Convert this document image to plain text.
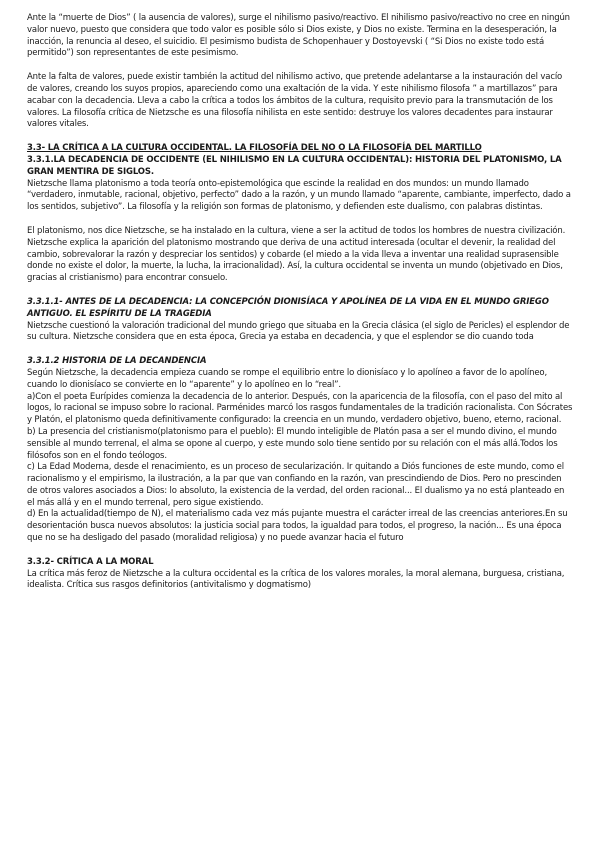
Ante la “muerte de Dios” ( la ausencia de valores), surge el nihilismo pasivo/reactivo. El nihilismo pasivo/reactivo no cree en ningún valor nuevo, puesto que considera que todo valor es posible sólo si Dios existe, y Dios no existe. Termina en la desesperación, la inacción, la renuncia al deseo, el suicidio. El pesimismo budista de Schopenhauer y Dostoyevski ( “Si Dios no existe todo está permitido”) son representantes de este pesimismo.

Ante la falta de valores, puede existir también la actitud del nihilismo activo, que pretende adelantarse a la instauración del vacío de valores, creando los suyos propios, apareciendo como una exaltación de la vida. Y este nihilismo filosofa ” a martillazos” para acabar con la decadencia. Lleva a cabo la crítica a todos los ámbitos de la cultura, requisito previo para la transmutación de los valores. La filosofía crítica de Nietzsche es una filosofía nihilista en este sentido: destruye los valores decadentes para instaurar valores vitales.

3.3- LA CRÍTICA A LA CULTURA OCCIDENTAL. LA FILOSOFÍA DEL NO O LA FILOSOFÍA DEL MARTILLO

3.3.1.LA DECADENCIA DE OCCIDENTE (EL NIHILISMO EN LA CULTURA OCCIDENTAL): HISTORIA DEL PLATONISMO, LA GRAN MENTIRA DE SIGLOS.

Nietzsche llama platonismo a toda teoría onto-epistemológica que escinde la realidad en dos mundos: un mundo llamado “verdadero, inmutable, racional, objetivo, perfecto” dado a la razón, y un mundo llamado “aparente, cambiante, imperfecto, dado a los sentidos, subjetivo”. La filosofía y la religión son formas de platonismo, y defienden este dualismo, con palabras distintas.

El platonismo, nos dice Nietzsche, se ha instalado en la cultura, viene a ser la actitud de todos los hombres de nuestra civilización.

Nietzsche explica la aparición del platonismo mostrando que deriva de una actitud interesada (ocultar el devenir, la realidad del cambio, sobrevalorar la razón y despreciar los sentidos) y cobarde (el miedo a la vida lleva a inventar una realidad suprasensible donde no existe el dolor, la muerte, la lucha, la irracionalidad). Así, la cultura occidental se inventa un mundo (objetivado en Dios, gracias al cristianismo) para encontrar consuelo.

3.3.1.1- ANTES DE LA DECADENCIA: LA CONCEPCIÓN DIONISÍACA Y APOLÍNEA DE LA VIDA EN EL MUNDO GRIEGO ANTIGUO. EL ESPÍRITU DE LA TRAGEDIA

Nietzsche cuestionó la valoración tradicional del mundo griego que situaba en la Grecia clásica (el siglo de Pericles) el esplendor de su cultura. Nietzsche considera que en esta época, Grecia ya estaba en decadencia, y que el esplendor se dio cuando toda

3.3.1.2 HISTORIA DE LA DECANDENCIA

Según Nietzsche, la decadencia empieza cuando se rompe el equilibrio entre lo dionisíaco y lo apolíneo a favor de lo apolíneo, cuando lo dionisíaco se convierte en lo “aparente” y lo apolíneo en lo “real”.

a)Con el poeta Eurípides comienza la decadencia de lo anterior. Después, con la aparicencia de la filosofía, con el paso del mito al logos, lo racional se impuso sobre lo racional. Parménides marcó los rasgos fundamentales de la tradición racionalista. Con Sócrates y Platón, el platonismo queda definitivamente configurado: la creencia en un mundo, verdadero objetivo, bueno, eterno, racional.

b) La presencia del cristianismo(platonismo para el pueblo): El mundo inteligible de Platón pasa a ser el mundo divino, el mundo sensible al mundo terrenal, el alma se opone al cuerpo, y este mundo solo tiene sentido por su relación con el más allá.Todos los filósofos son en el fondo teólogos.

c) La Edad Moderna, desde el renacimiento, es un proceso de secularización. Ir quitando a Diós funciones de este mundo, como el racionalismo y el empirismo, la ilustración, a la par que van confiando en la razón, van prescindiendo de Dios. Pero no prescinden de otros valores asociados a Dios: lo absoluto, la existencia de la verdad, del orden racional... El dualismo ya no está planteado en el más allá y en el mundo terrenal, pero sigue existiendo.

d) En la actualidad(tiempo de N), el materialismo cada vez más pujante muestra el carácter irreal de las creencias anteriores.En su desorientación busca nuevos absolutos: la justicia social para todos, la igualdad para todos, el progreso, la nación... Es una época que no se ha desligado del pasado (moralidad religiosa) y no puede avanzar hacia el futuro

3.3.2- CRÍTICA A LA MORAL

La crítica más feroz de Nietzsche a la cultura occidental es la crítica de los valores morales, la moral alemana, burguesa, cristiana, idealista. Crítica sus rasgos definitorios (antivitalismo y dogmatismo)
